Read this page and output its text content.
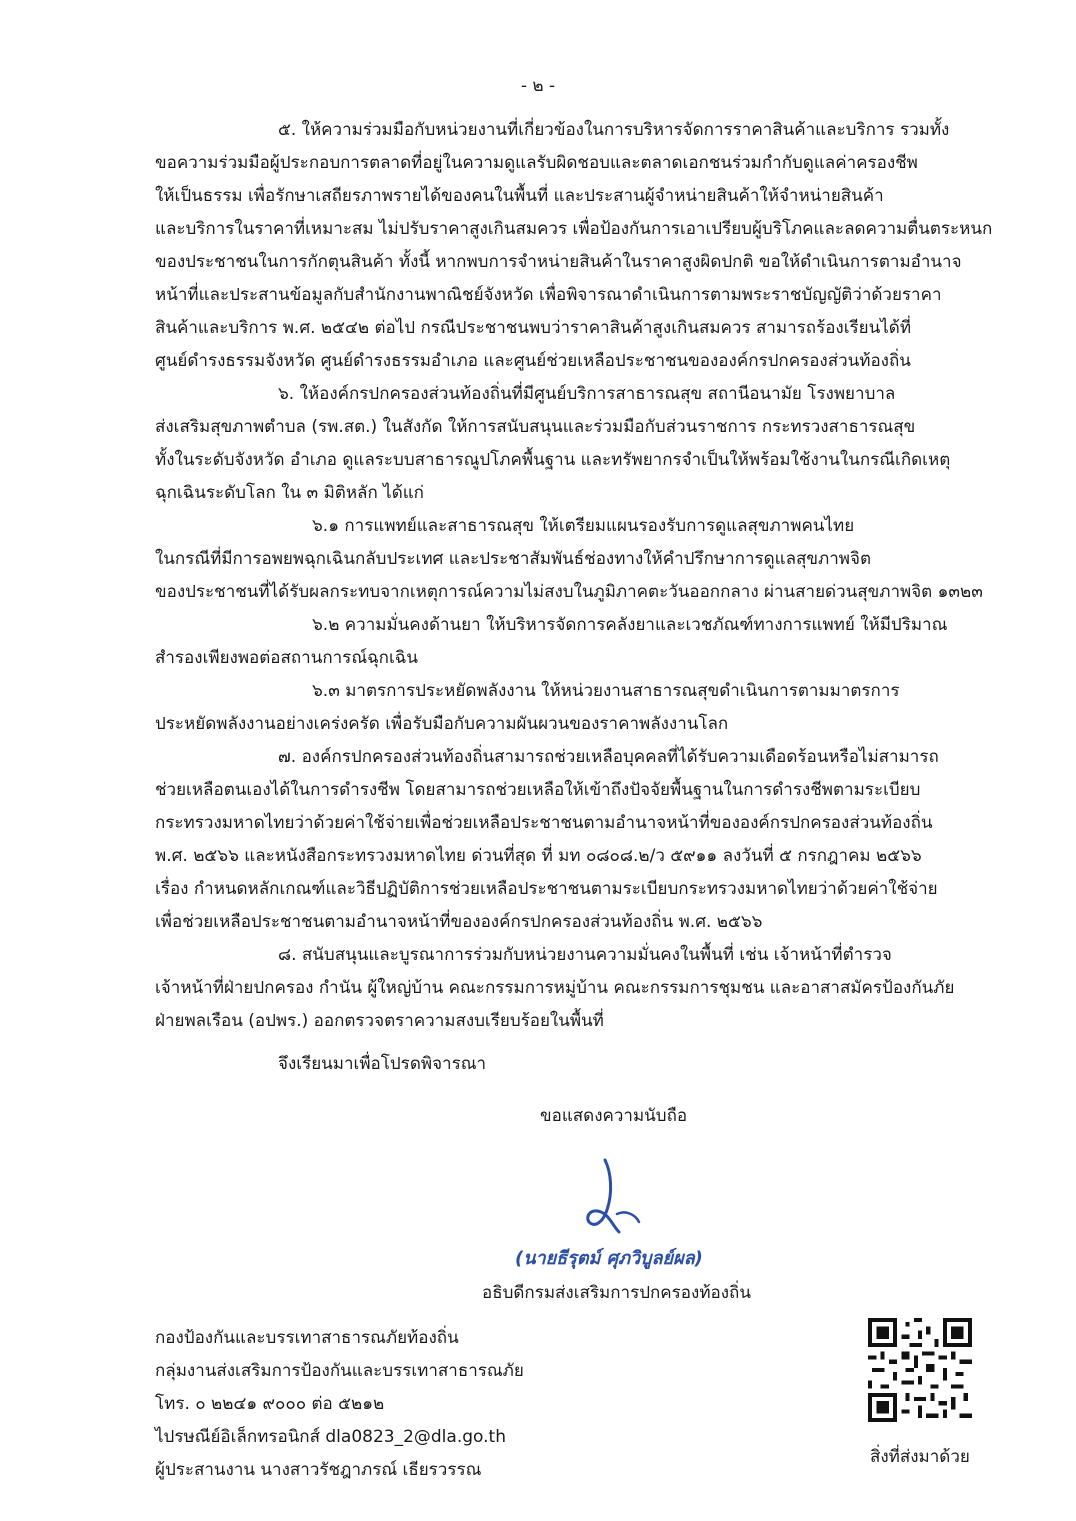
- ๒ -
๕. ให้ความร่วมมือกับหน่วยงานที่เกี่ยวข้องในการบริหารจัดการราคาสินค้าและบริการ รวมทั้ง
ขอความร่วมมือผู้ประกอบการตลาดที่อยู่ในความดูแลรับผิดชอบและตลาดเอกชนร่วมกำกับดูแลค่าครองชีพ
ให้เป็นธรรม เพื่อรักษาเสถียรภาพรายได้ของคนในพื้นที่ และประสานผู้จำหน่ายสินค้าให้จำหน่ายสินค้า
และบริการในราคาที่เหมาะสม ไม่ปรับราคาสูงเกินสมควร เพื่อป้องกันการเอาเปรียบผู้บริโภคและลดความตื่นตระหนก
ของประชาชนในการกักตุนสินค้า ทั้งนี้ หากพบการจำหน่ายสินค้าในราคาสูงผิดปกติ ขอให้ดำเนินการตามอำนาจ
หน้าที่และประสานข้อมูลกับสำนักงานพาณิชย์จังหวัด เพื่อพิจารณาดำเนินการตามพระราชบัญญัติว่าด้วยราคา
สินค้าและบริการ พ.ศ. ๒๕๔๒ ต่อไป กรณีประชาชนพบว่าราคาสินค้าสูงเกินสมควร สามารถร้องเรียนได้ที่
ศูนย์ดำรงธรรมจังหวัด ศูนย์ดำรงธรรมอำเภอ และศูนย์ช่วยเหลือประชาชนขององค์กรปกครองส่วนท้องถิ่น
๖. ให้องค์กรปกครองส่วนท้องถิ่นที่มีศูนย์บริการสาธารณสุข สถานีอนามัย โรงพยาบาล
ส่งเสริมสุขภาพตำบล (รพ.สต.) ในสังกัด ให้การสนับสนุนและร่วมมือกับส่วนราชการ กระทรวงสาธารณสุข
ทั้งในระดับจังหวัด อำเภอ ดูแลระบบสาธารณูปโภคพื้นฐาน และทรัพยากรจำเป็นให้พร้อมใช้งานในกรณีเกิดเหตุ
ฉุกเฉินระดับโลก ใน ๓ มิติหลัก ได้แก่
๖.๑ การแพทย์และสาธารณสุข ให้เตรียมแผนรองรับการดูแลสุขภาพคนไทย
ในกรณีที่มีการอพยพฉุกเฉินกลับประเทศ และประชาสัมพันธ์ช่องทางให้คำปรึกษาการดูแลสุขภาพจิต
ของประชาชนที่ได้รับผลกระทบจากเหตุการณ์ความไม่สงบในภูมิภาคตะวันออกกลาง ผ่านสายด่วนสุขภาพจิต ๑๓๒๓
๖.๒ ความมั่นคงด้านยา ให้บริหารจัดการคลังยาและเวชภัณฑ์ทางการแพทย์ ให้มีปริมาณ
สำรองเพียงพอต่อสถานการณ์ฉุกเฉิน
๖.๓ มาตรการประหยัดพลังงาน ให้หน่วยงานสาธารณสุขดำเนินการตามมาตรการ
ประหยัดพลังงานอย่างเคร่งครัด เพื่อรับมือกับความผันผวนของราคาพลังงานโลก
๗. องค์กรปกครองส่วนท้องถิ่นสามารถช่วยเหลือบุคคลที่ได้รับความเดือดร้อนหรือไม่สามารถ
ช่วยเหลือตนเองได้ในการดำรงชีพ โดยสามารถช่วยเหลือให้เข้าถึงปัจจัยพื้นฐานในการดำรงชีพตามระเบียบ
กระทรวงมหาดไทยว่าด้วยค่าใช้จ่ายเพื่อช่วยเหลือประชาชนตามอำนาจหน้าที่ขององค์กรปกครองส่วนท้องถิ่น
พ.ศ. ๒๕๖๖ และหนังสือกระทรวงมหาดไทย ด่วนที่สุด ที่ มท ๐๘๐๘.๒/ว ๕๙๑๑ ลงวันที่ ๕ กรกฎาคม ๒๕๖๖
เรื่อง กำหนดหลักเกณฑ์และวิธีปฏิบัติการช่วยเหลือประชาชนตามระเบียบกระทรวงมหาดไทยว่าด้วยค่าใช้จ่าย
เพื่อช่วยเหลือประชาชนตามอำนาจหน้าที่ขององค์กรปกครองส่วนท้องถิ่น พ.ศ. ๒๕๖๖
๘. สนับสนุนและบูรณาการร่วมกับหน่วยงานความมั่นคงในพื้นที่ เช่น เจ้าหน้าที่ตำรวจ
เจ้าหน้าที่ฝ่ายปกครอง กำนัน ผู้ใหญ่บ้าน คณะกรรมการหมู่บ้าน คณะกรรมการชุมชน และอาสาสมัครป้องกันภัย
ฝ่ายพลเรือน (อปพร.) ออกตรวจตราความสงบเรียบร้อยในพื้นที่
จึงเรียนมาเพื่อโปรดพิจารณา
ขอแสดงความนับถือ
(นายธีรุตม์ ศุภวิบูลย์ผล)
อธิบดีกรมส่งเสริมการปกครองท้องถิ่น
กองป้องกันและบรรเทาสาธารณภัยท้องถิ่น
กลุ่มงานส่งเสริมการป้องกันและบรรเทาสาธารณภัย
โทร. ๐ ๒๒๔๑ ๙๐๐๐ ต่อ ๕๒๑๒
ไปรษณีย์อิเล็กทรอนิกส์ dla0823_2@dla.go.th
ผู้ประสานงาน นางสาวรัชฎาภรณ์ เธียรวรรณ
สิ่งที่ส่งมาด้วย
